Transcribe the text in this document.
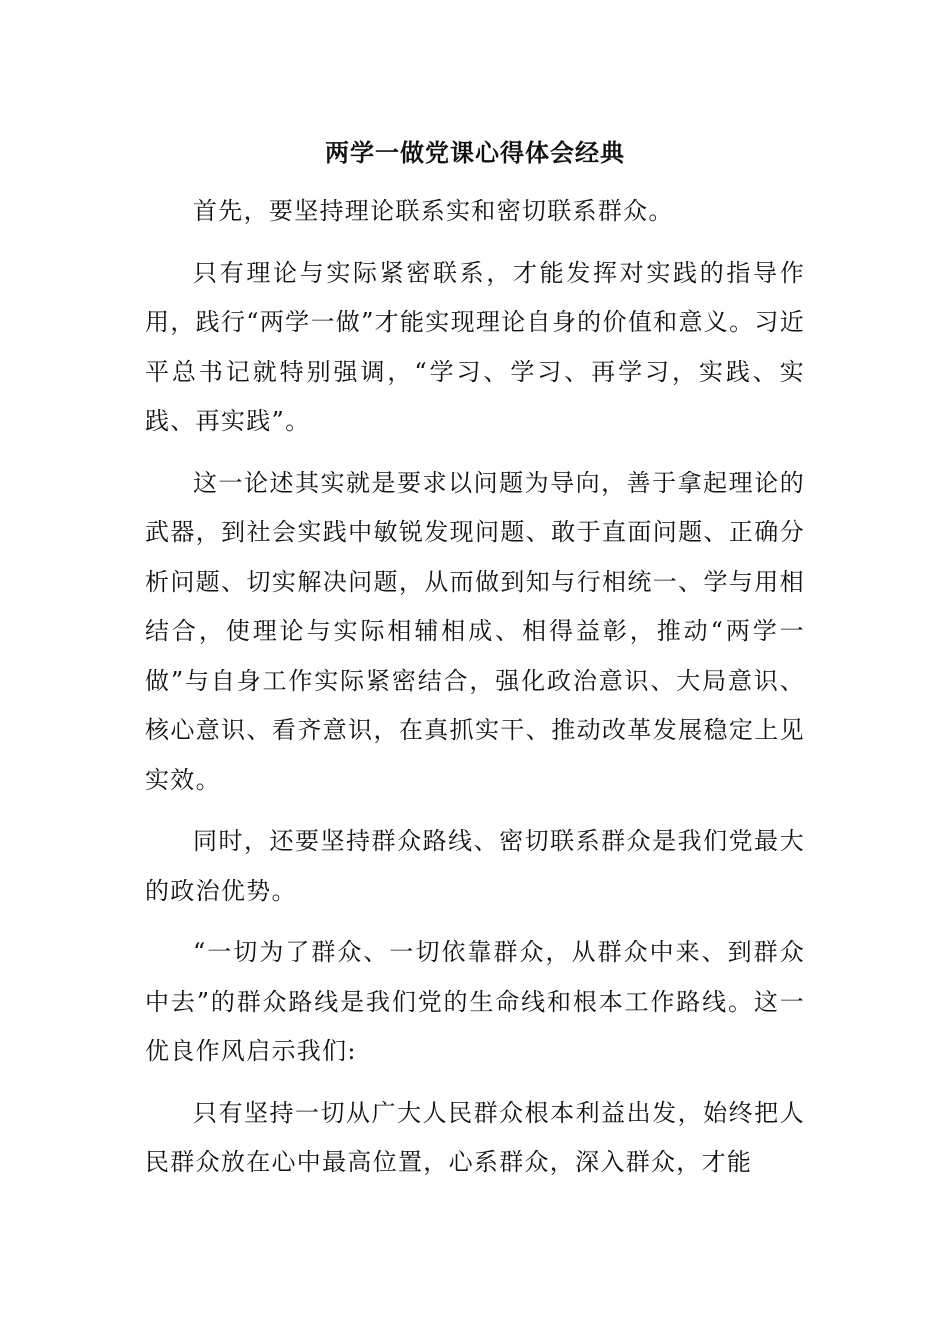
两学一做党课心得体会经典

首先，要坚持理论联系实和密切联系群众。

只有理论与实际紧密联系，才能发挥对实践的指导作用，践行“两学一做”才能实现理论自身的价值和意义。习近平总书记就特别强调，“学习、学习、再学习，实践、实践、再实践”。

这一论述其实就是要求以问题为导向，善于拿起理论的武器，到社会实践中敏锐发现问题、敢于直面问题、正确分析问题、切实解决问题，从而做到知与行相统一、学与用相结合，使理论与实际相辅相成、相得益彰，推动“两学一做”与自身工作实际紧密结合，强化政治意识、大局意识、核心意识、看齐意识，在真抓实干、推动改革发展稳定上见实效。

同时，还要坚持群众路线、密切联系群众是我们党最大的政治优势。

“一切为了群众、一切依靠群众，从群众中来、到群众中去”的群众路线是我们党的生命线和根本工作路线。这一优良作风启示我们:

只有坚持一切从广大人民群众根本利益出发，始终把人民群众放在心中最高位置，心系群众，深入群众，才能
